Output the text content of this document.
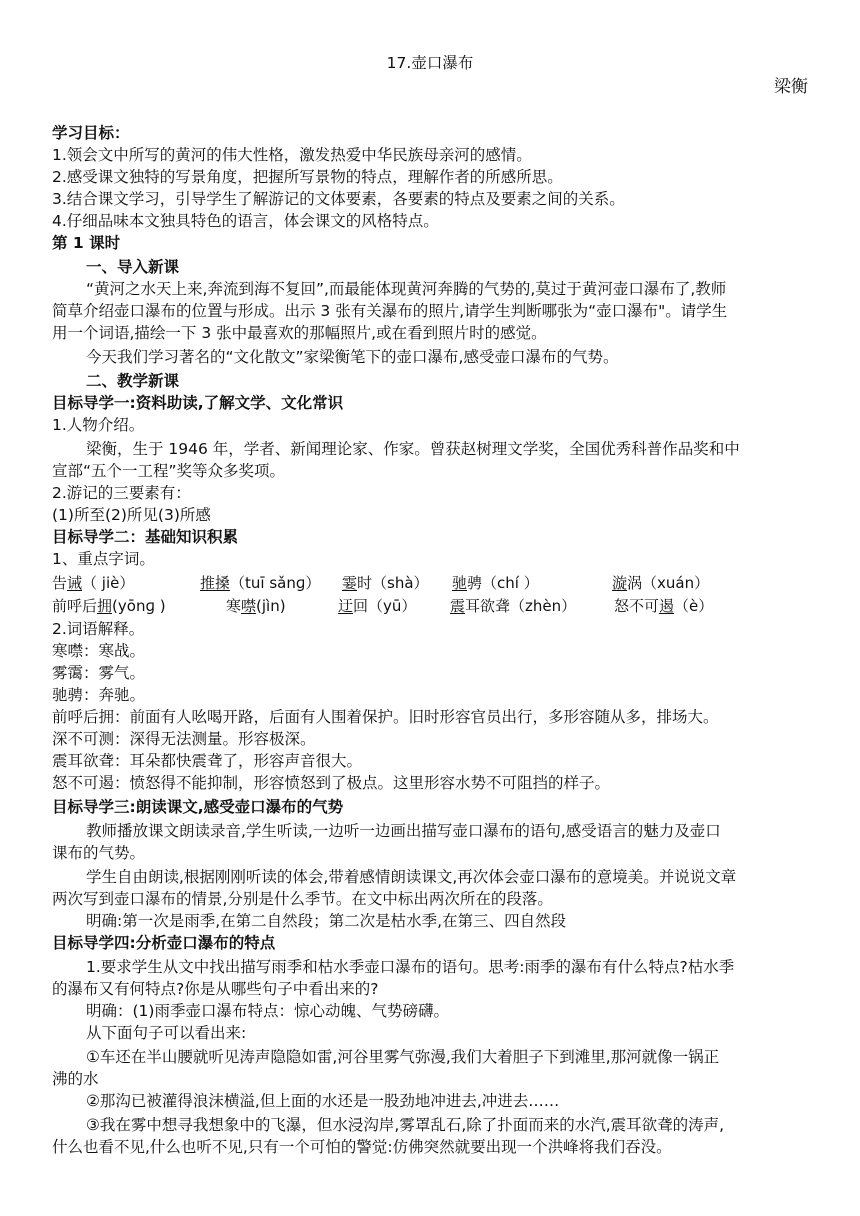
17.壶口瀑布
梁衡
学习目标：
1.领会文中所写的黄河的伟大性格，激发热爱中华民族母亲河的感情。
2.感受课文独特的写景角度，把握所写景物的特点，理解作者的所感所思。
3.结合课文学习，引导学生了解游记的文体要素，各要素的特点及要素之间的关系。
4.仔细品味本文独具特色的语言，体会课文的风格特点。
第 1 课时
一、导入新课
“黄河之水天上来,奔流到海不复回”,而最能体现黄河奔腾的气势的,莫过于黄河壶口瀑布了,教师
简草介绍壶口瀑布的位置与形成。出示 3 张有关瀑布的照片,请学生判断哪张为“壶口瀑布"。请学生
用一个词语,描绘一下 3 张中最喜欢的那幅照片,或在看到照片时的感觉。
今天我们学习著名的“文化散文”家梁衡笔下的壶口瀑布,感受壶口瀑布的气势。
二、教学新课
目标导学一:资料助读,了解文学、文化常识
1.人物介绍。
梁衡，生于 1946 年，学者、新闻理论家、作家。曾获赵树理文学奖，全国优秀科普作品奖和中
宣部“五个一工程”奖等众多奖项。
2.游记的三要素有：
(1)所至(2)所见(3)所感
目标导学二：基础知识积累
1、重点字词。
告诫（ jiè）	推搡（tuī sǎnɡ） 霎时（shà） 驰骋（chí ）	漩涡（xuán）
前呼后拥(yōnɡ )	寒噤(jìn)	迂回（yū） 震耳欲聋（zhèn）	怒不可遏（è）
2.词语解释。
寒噤：寒战。
雾霭：雾气。
驰骋：奔驰。
前呼后拥：前面有人吆喝开路，后面有人围着保护。旧时形容官员出行，多形容随从多，排场大。
深不可测：深得无法测量。形容极深。
震耳欲聋：耳朵都快震聋了，形容声音很大。
怒不可遏：愤怒得不能抑制，形容愤怒到了极点。这里形容水势不可阻挡的样子。
目标导学三:朗读课文,感受壶口瀑布的气势
教师播放课文朗读录音,学生听读,一边听一边画出描写壶口瀑布的语句,感受语言的魅力及壶口
课布的气势。
学生自由朗读,根据刚刚听读的体会,带着感情朗读课文,再次体会壶口瀑布的意境美。并说说文章
两次写到壶口瀑布的情景,分别是什么季节。在文中标出两次所在的段落。
明确:第一次是雨季,在第二自然段；第二次是枯水季,在第三、四自然段
目标导学四:分析壶口瀑布的特点
1.要求学生从文中找出描写雨季和枯水季壶口瀑布的语句。思考:雨季的瀑布有什么特点?枯水季
的瀑布又有何特点?你是从哪些句子中看出来的?
明确：(1)雨季壶口瀑布特点：惊心动魄、气势磅礴。
从下面句子可以看出来:
①车还在半山腰就听见涛声隐隐如雷,河谷里雾气弥漫,我们大着胆子下到滩里,那河就像一锅正
沸的水
②那沟已被灌得浪沫横溢,但上面的水还是一股劲地冲进去,冲进去……
③我在雾中想寻我想象中的飞瀑，但水浸沟岸,雾罩乱石,除了扑面而来的水汽,震耳欲聋的涛声,
什么也看不见,什么也听不见,只有一个可怕的警觉:仿佛突然就要出现一个洪峰将我们吞没。
